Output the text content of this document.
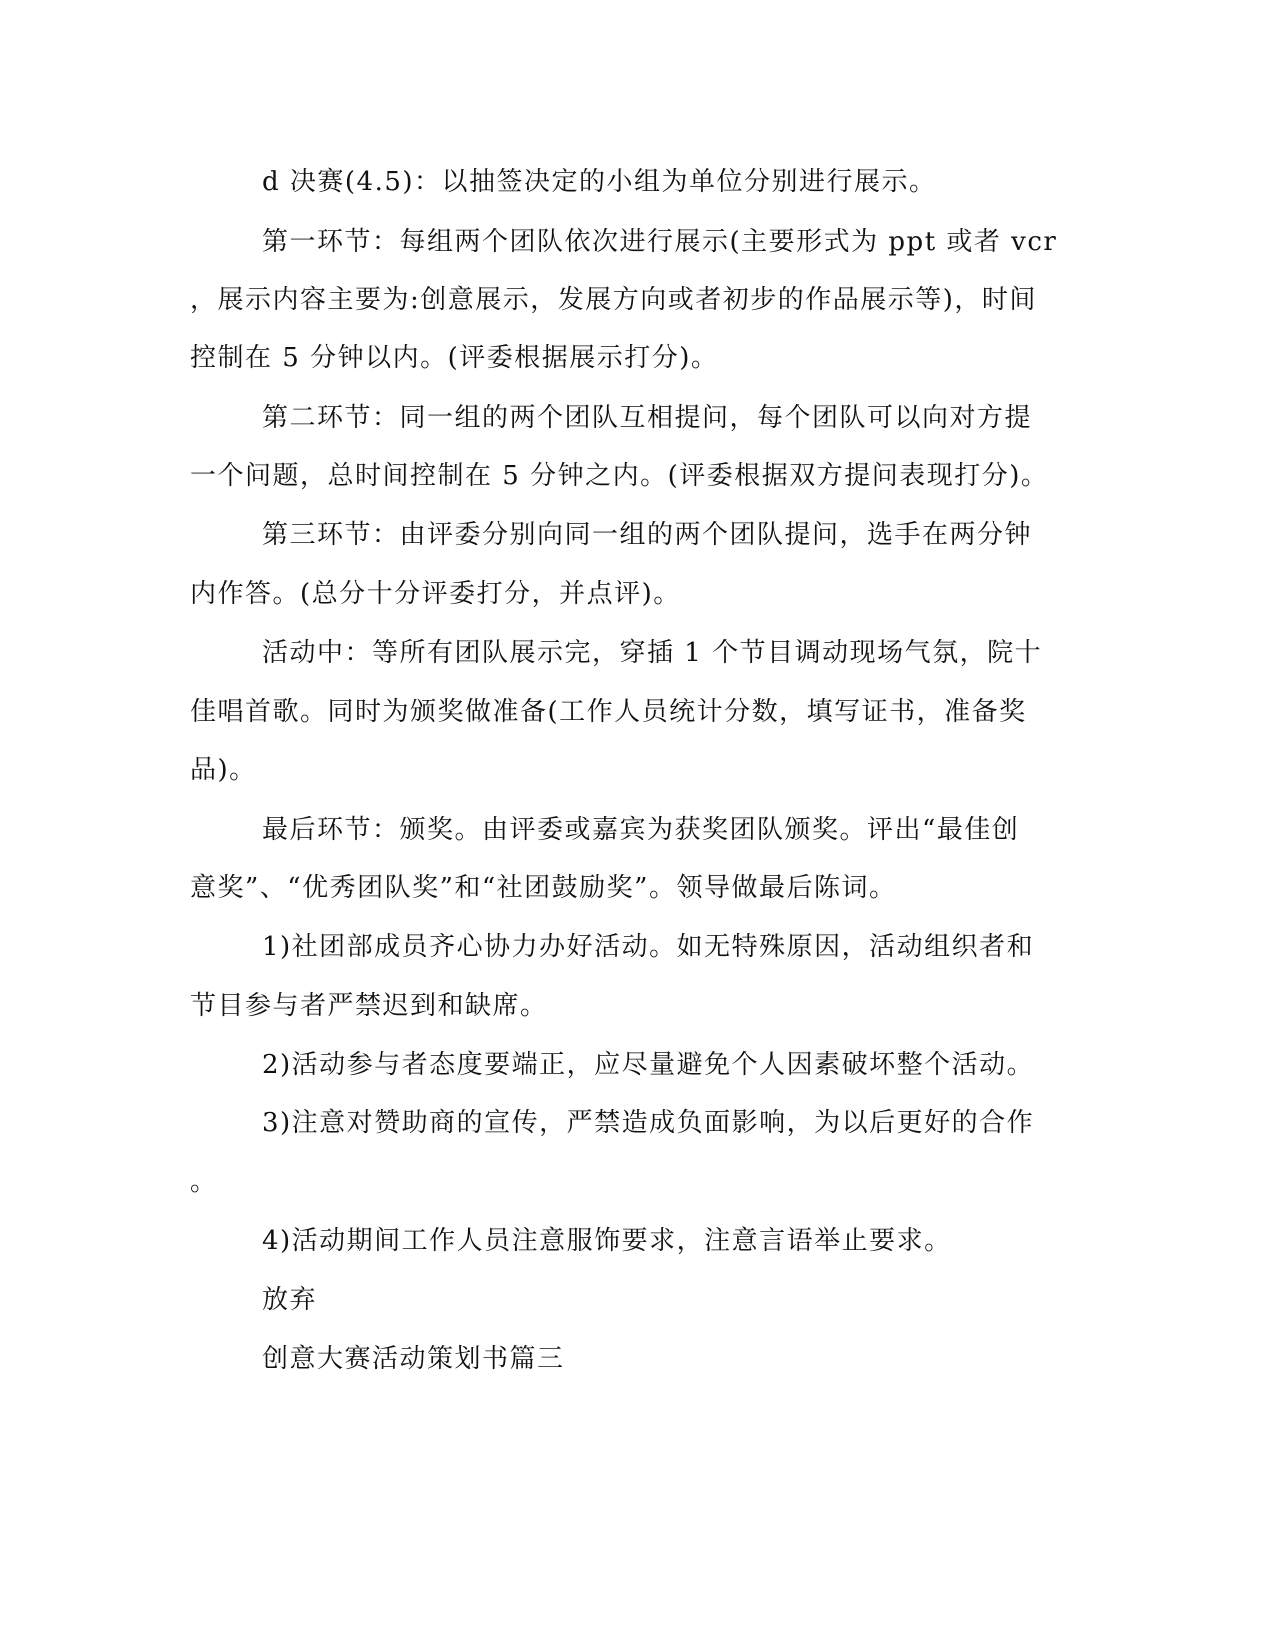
d 决赛(4.5)：以抽签决定的小组为单位分别进行展示。
第一环节：每组两个团队依次进行展示(主要形式为 ppt 或者 vcr
，展示内容主要为:创意展示，发展方向或者初步的作品展示等)，时间
控制在 5 分钟以内。(评委根据展示打分)。
第二环节：同一组的两个团队互相提问，每个团队可以向对方提
一个问题，总时间控制在 5 分钟之内。(评委根据双方提问表现打分)。
第三环节：由评委分别向同一组的两个团队提问，选手在两分钟
内作答。(总分十分评委打分，并点评)。
活动中：等所有团队展示完，穿插 1 个节目调动现场气氛，院十
佳唱首歌。同时为颁奖做准备(工作人员统计分数，填写证书，准备奖
品)。
最后环节：颁奖。由评委或嘉宾为获奖团队颁奖。评出“最佳创
意奖”、“优秀团队奖”和“社团鼓励奖”。领导做最后陈词。
1)社团部成员齐心协力办好活动。如无特殊原因，活动组织者和
节目参与者严禁迟到和缺席。
2)活动参与者态度要端正，应尽量避免个人因素破坏整个活动。
3)注意对赞助商的宣传，严禁造成负面影响，为以后更好的合作
。
4)活动期间工作人员注意服饰要求，注意言语举止要求。
放弃
创意大赛活动策划书篇三
